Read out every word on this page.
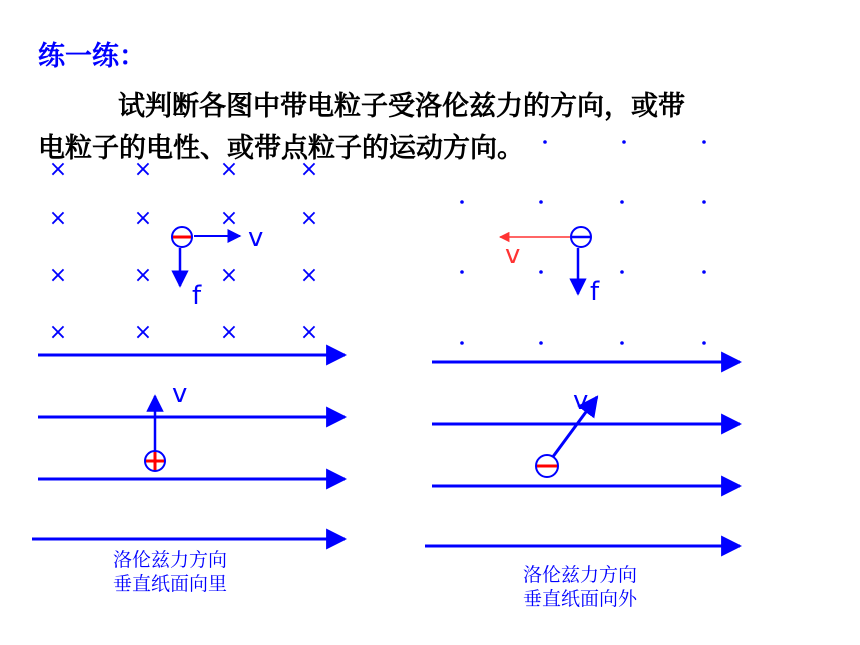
练一练：
试判断各图中带电粒子受洛伦兹力的方向，或带
电粒子的电性、或带点粒子的运动方向。
×	×	×	×
×	×	×	×
×	×	×	×
×	×	×	×
v
f
v
f
v	v
洛伦兹力方向
垂直纸面向里	洛伦兹力方向
垂直纸面向外
